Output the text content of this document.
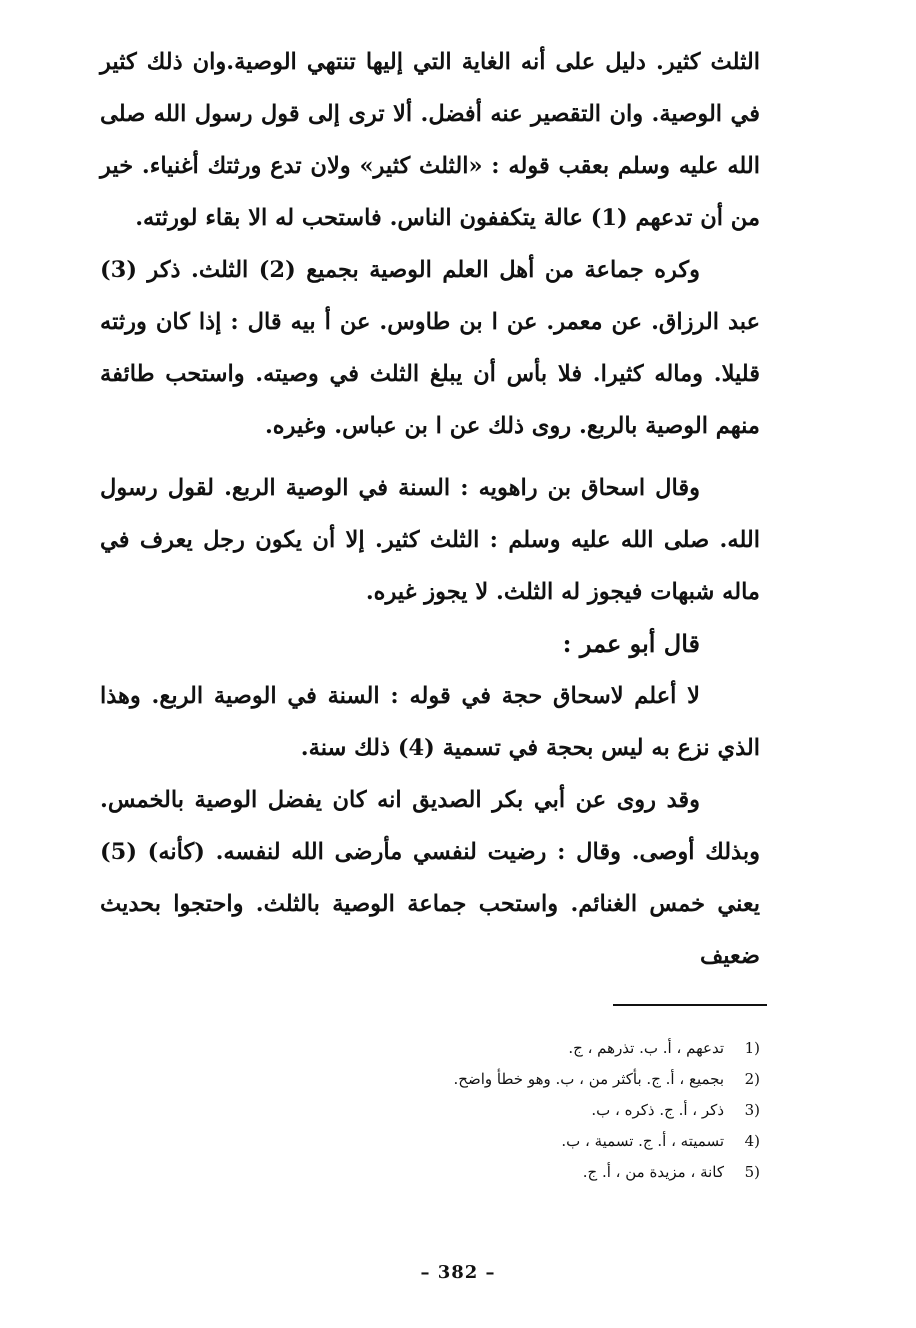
الثلث كثير. دليل على أنه الغاية التي إليها تنتهي الوصية.وان ذلك كثير في الوصية. وان التقصير عنه أفضل. ألا ترى إلى قول رسول الله صلى الله عليه وسلم بعقب قوله : «الثلث كثير» ولان تدع ورثتك أغنياء. خير من أن تدعهم (1) عالة يتكففون الناس. فاستحب له الا بقاء لورثته.

وكره جماعة من أهل العلم الوصية بجميع (2) الثلث. ذكر (3) عبد الرزاق. عن معمر. عن ا بن طاوس. عن أ بيه قال : إذا كان ورثته قليلا. وماله كثيرا. فلا بأس أن يبلغ الثلث في وصيته. واستحب طائفة منهم الوصية بالربع. روى ذلك عن ا بن عباس. وغيره.

وقال اسحاق بن راهويه : السنة في الوصية الربع. لقول رسول الله. صلى الله عليه وسلم : الثلث كثير. إلا أن يكون رجل يعرف في ماله شبهات فيجوز له الثلث. لا يجوز غيره.

قال أبو عمر :

لا أعلم لاسحاق حجة في قوله : السنة في الوصية الربع. وهذا الذي نزع به ليس بحجة في تسمية (4) ذلك سنة.

وقد روى عن أبي بكر الصديق انه كان يفضل الوصية بالخمس. وبذلك أوصى. وقال : رضيت لنفسي مأرضى الله لنفسه. (كأنه) (5) يعني خمس الغنائم. واستحب جماعة الوصية بالثلث. واحتجوا بحديث ضعيف

1)
تدعهم ، أ. ب. تذرهم ، ج.
2)
بجميع ، أ. ج. بأكثر من ، ب. وهو خطأ واضح.
3)
ذكر ، أ. ج. ذكره ، ب.
4)
تسميته ، أ. ج. تسمية ، ب.
5)
كانة ، مزيدة من ، أ. ج.
– 382 –
